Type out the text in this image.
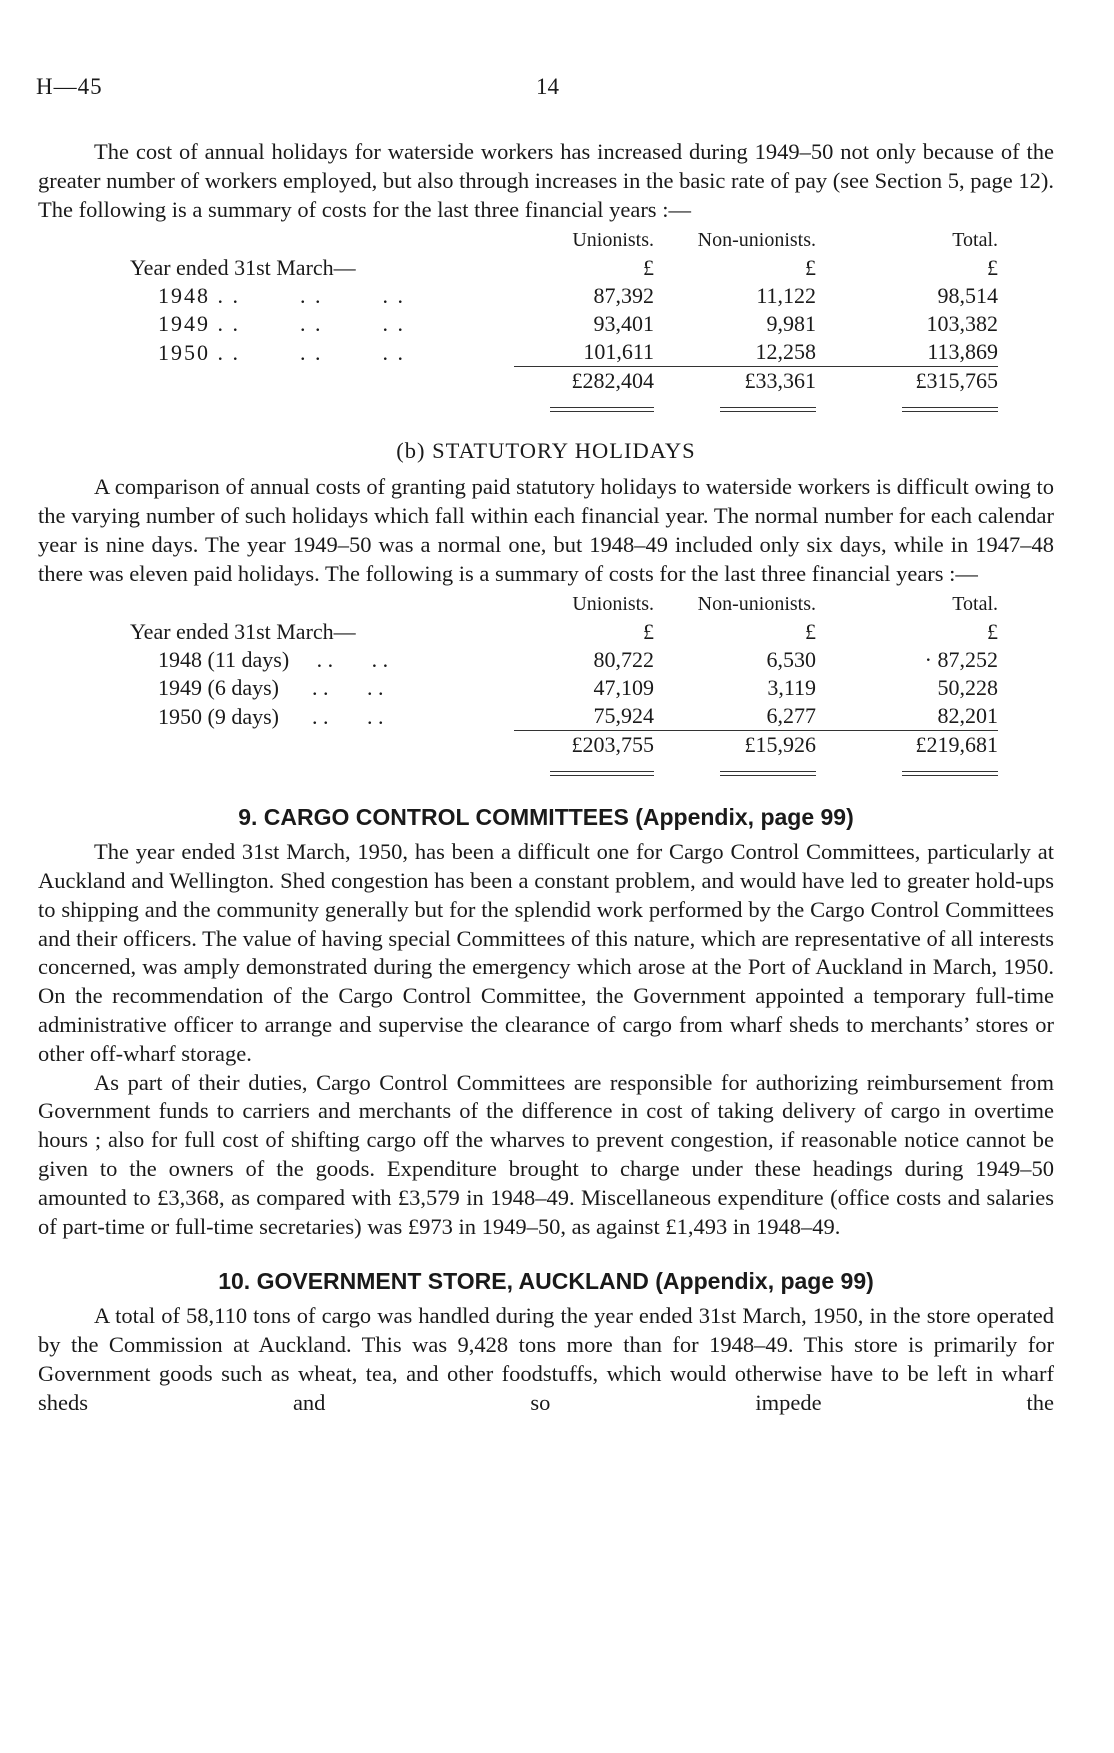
H—45	14

The cost of annual holidays for waterside workers has increased during 1949–50 not only because of the greater number of workers employed, but also through increases in the basic rate of pay (see Section 5, page 12). The following is a summary of costs for the last three financial years :—

	Unionists.	Non-unionists.	Total.
Year ended 31st March—	£	£	£
1948 . .        . .        . .	87,392	11,122	98,514
1949 . .        . .        . .	93,401	9,981	103,382
1950 . .        . .        . .	101,611	12,258	113,869
	£282,404	£33,361	£315,765

(b) STATUTORY HOLIDAYS

A comparison of annual costs of granting paid statutory holidays to waterside workers is difficult owing to the varying number of such holidays which fall within each financial year. The normal number for each calendar year is nine days. The year 1949–50 was a normal one, but 1948–49 included only six days, while in 1947–48 there was eleven paid holidays. The following is a summary of costs for the last three financial years :—

	Unionists.	Non-unionists.	Total.
Year ended 31st March—	£	£	£
1948 (11 days)     . .       . .	80,722	6,530	· 87,252
1949 (6 days)      . .       . .	47,109	3,119	50,228
1950 (9 days)      . .       . .	75,924	6,277	82,201
	£203,755	£15,926	£219,681

9. CARGO CONTROL COMMITTEES (Appendix, page 99)

The year ended 31st March, 1950, has been a difficult one for Cargo Control Committees, particularly at Auckland and Wellington. Shed congestion has been a constant problem, and would have led to greater hold-ups to shipping and the community generally but for the splendid work performed by the Cargo Control Committees and their officers. The value of having special Committees of this nature, which are representative of all interests concerned, was amply demonstrated during the emergency which arose at the Port of Auckland in March, 1950. On the recommendation of the Cargo Control Committee, the Government appointed a temporary full-time administrative officer to arrange and supervise the clearance of cargo from wharf sheds to merchants’ stores or other off-wharf storage.

As part of their duties, Cargo Control Committees are responsible for authorizing reimbursement from Government funds to carriers and merchants of the difference in cost of taking delivery of cargo in overtime hours ; also for full cost of shifting cargo off the wharves to prevent congestion, if reasonable notice cannot be given to the owners of the goods. Expenditure brought to charge under these headings during 1949–50 amounted to £3,368, as compared with £3,579 in 1948–49. Miscellaneous expenditure (office costs and salaries of part-time or full-time secretaries) was £973 in 1949–50, as against £1,493 in 1948–49.

10. GOVERNMENT STORE, AUCKLAND (Appendix, page 99)

A total of 58,110 tons of cargo was handled during the year ended 31st March, 1950, in the store operated by the Commission at Auckland. This was 9,428 tons more than for 1948–49. This store is primarily for Government goods such as wheat, tea, and other foodstuffs, which would otherwise have to be left in wharf sheds and so impede the
